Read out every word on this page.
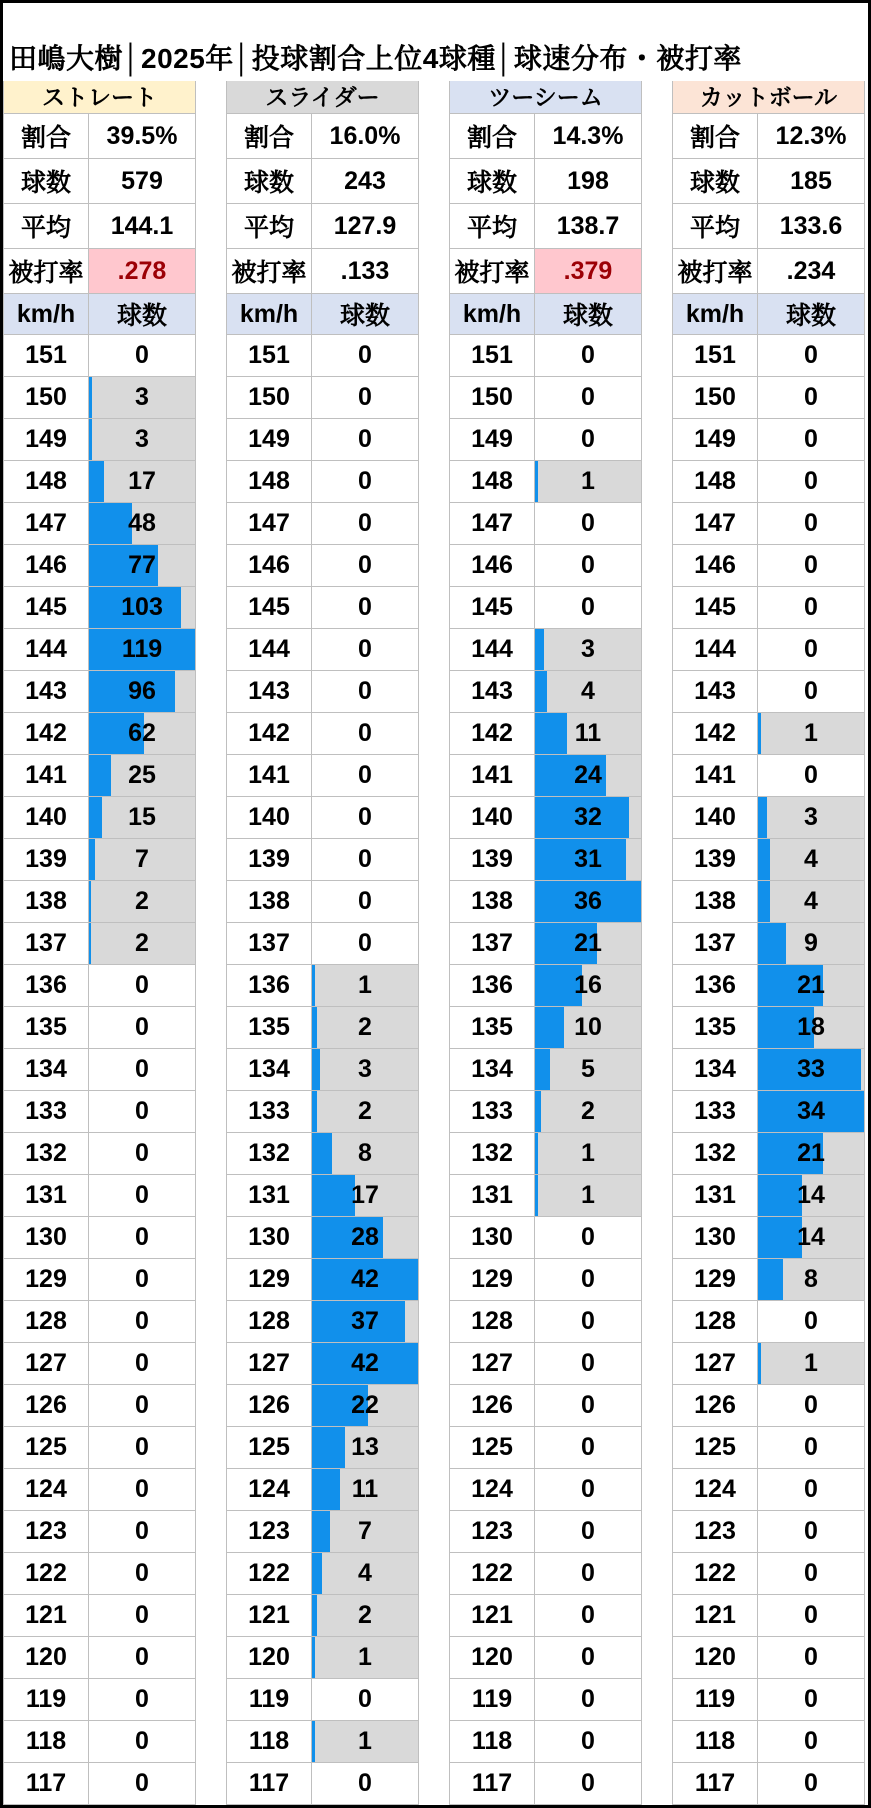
田嶋大樹│2025年│投球割合上位4球種│球速分布・被打率
ストレート
割合	39.5%
球数	579
平均	144.1
被打率	.278
km/h	球数
151	0
150	3
149	3
148	17
147	48
146	77
145	103
144	119
143	96
142	62
141	25
140	15
139	7
138	2
137	2
136	0
135	0
134	0
133	0
132	0
131	0
130	0
129	0
128	0
127	0
126	0
125	0
124	0
123	0
122	0
121	0
120	0
119	0
118	0
117	0
スライダー
割合	16.0%
球数	243
平均	127.9
被打率	.133
km/h	球数
151	0
150	0
149	0
148	0
147	0
146	0
145	0
144	0
143	0
142	0
141	0
140	0
139	0
138	0
137	0
136	1
135	2
134	3
133	2
132	8
131	17
130	28
129	42
128	37
127	42
126	22
125	13
124	11
123	7
122	4
121	2
120	1
119	0
118	1
117	0
ツーシーム
割合	14.3%
球数	198
平均	138.7
被打率	.379
km/h	球数
151	0
150	0
149	0
148	1
147	0
146	0
145	0
144	3
143	4
142	11
141	24
140	32
139	31
138	36
137	21
136	16
135	10
134	5
133	2
132	1
131	1
130	0
129	0
128	0
127	0
126	0
125	0
124	0
123	0
122	0
121	0
120	0
119	0
118	0
117	0
カットボール
割合	12.3%
球数	185
平均	133.6
被打率	.234
km/h	球数
151	0
150	0
149	0
148	0
147	0
146	0
145	0
144	0
143	0
142	1
141	0
140	3
139	4
138	4
137	9
136	21
135	18
134	33
133	34
132	21
131	14
130	14
129	8
128	0
127	1
126	0
125	0
124	0
123	0
122	0
121	0
120	0
119	0
118	0
117	0
